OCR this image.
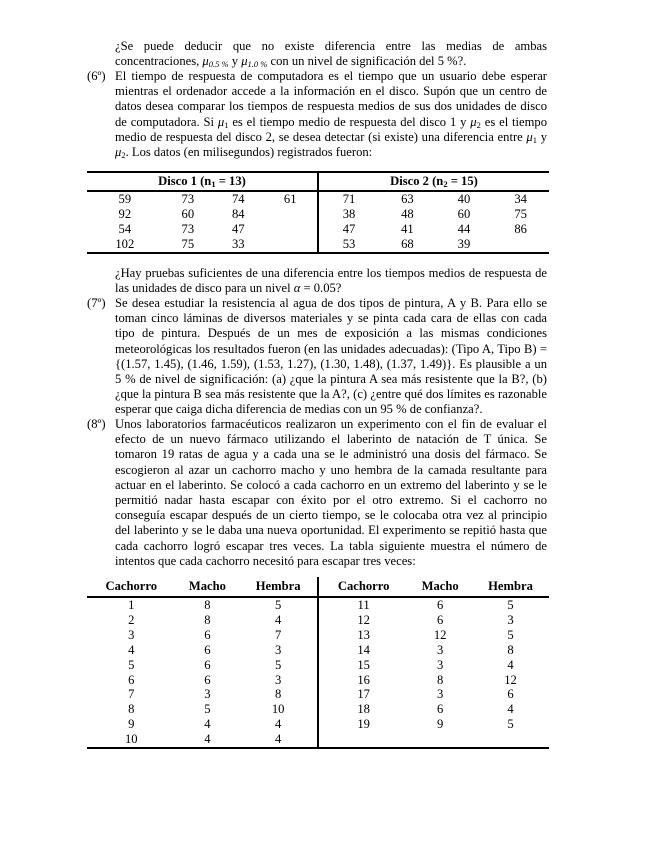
¿Se puede deducir que no existe diferencia entre las medias de ambas concentraciones, $\mu_{0.5 \%}$ y $\mu_{1.0 \%}$ con un nivel de significación del 5 %?.

(6º) El tiempo de respuesta de computadora es el tiempo que un usuario debe esperar mientras el ordenador accede a la información en el disco. Supón que un centro de datos desea comparar los tiempos de respuesta medios de sus dos unidades de disco de computadora. Si $\mu_1$ es el tiempo medio de respuesta del disco 1 y $\mu_2$ es el tiempo medio de respuesta del disco 2, se desea detectar (si existe) una diferencia entre $\mu_1$ y $\mu_2$. Los datos (en milisegundos) registrados fueron:

Disco 1 $(n_1 = 13)$				Disco 2 $(n_2 = 15)$			
59	73	74	61	71	63	40	34
92	60	84		38	48	60	75
54	73	47		47	41	44	86
102	75	33		53	68	39	

¿Hay pruebas suficientes de una diferencia entre los tiempos medios de respuesta de las unidades de disco para un nivel α = 0.05?

(7º) Se desea estudiar la resistencia al agua de dos tipos de pintura, A y B. Para ello se toman cinco láminas de diversos materiales y se pinta cada cara de ellas con cada tipo de pintura. Después de un mes de exposición a las mismas condiciones meteorológicas los resultados fueron (en las unidades adecuadas): (Tipo A, Tipo B) = {(1.57, 1.45), (1.46, 1.59), (1.53, 1.27), (1.30, 1.48), (1.37, 1.49)}. Es plausible a un 5 % de nivel de significación: (a) ¿que la pintura A sea más resistente que la B?, (b) ¿que la pintura B sea más resistente que la A?, (c) ¿entre qué dos límites es razonable esperar que caiga dicha diferencia de medias con un 95 % de confianza?.

(8º) Unos laboratorios farmacéuticos realizaron un experimento con el fin de evaluar el efecto de un nuevo fármaco utilizando el laberinto de natación de T única. Se tomaron 19 ratas de agua y a cada una se le administró una dosis del fármaco. Se escogieron al azar un cachorro macho y uno hembra de la camada resultante para actuar en el laberinto. Se colocó a cada cachorro en un extremo del laberinto y se le permitió nadar hasta escapar con éxito por el otro extremo. Si el cachorro no conseguía escapar después de un cierto tiempo, se le colocaba otra vez al principio del laberinto y se le daba una nueva oportunidad. El experimento se repitió hasta que cada cachorro logró escapar tres veces. La tabla siguiente muestra el número de intentos que cada cachorro necesitó para escapar tres veces:

Cachorro	Macho	Hembra	Cachorro	Macho	Hembra
1	8	5	11	6	5
2	8	4	12	6	3
3	6	7	13	12	5
4	6	3	14	3	8
5	6	5	15	3	4
6	6	3	16	8	12
7	3	8	17	3	6
8	5	10	18	6	4
9	4	4	19	9	5
10	4	4			
